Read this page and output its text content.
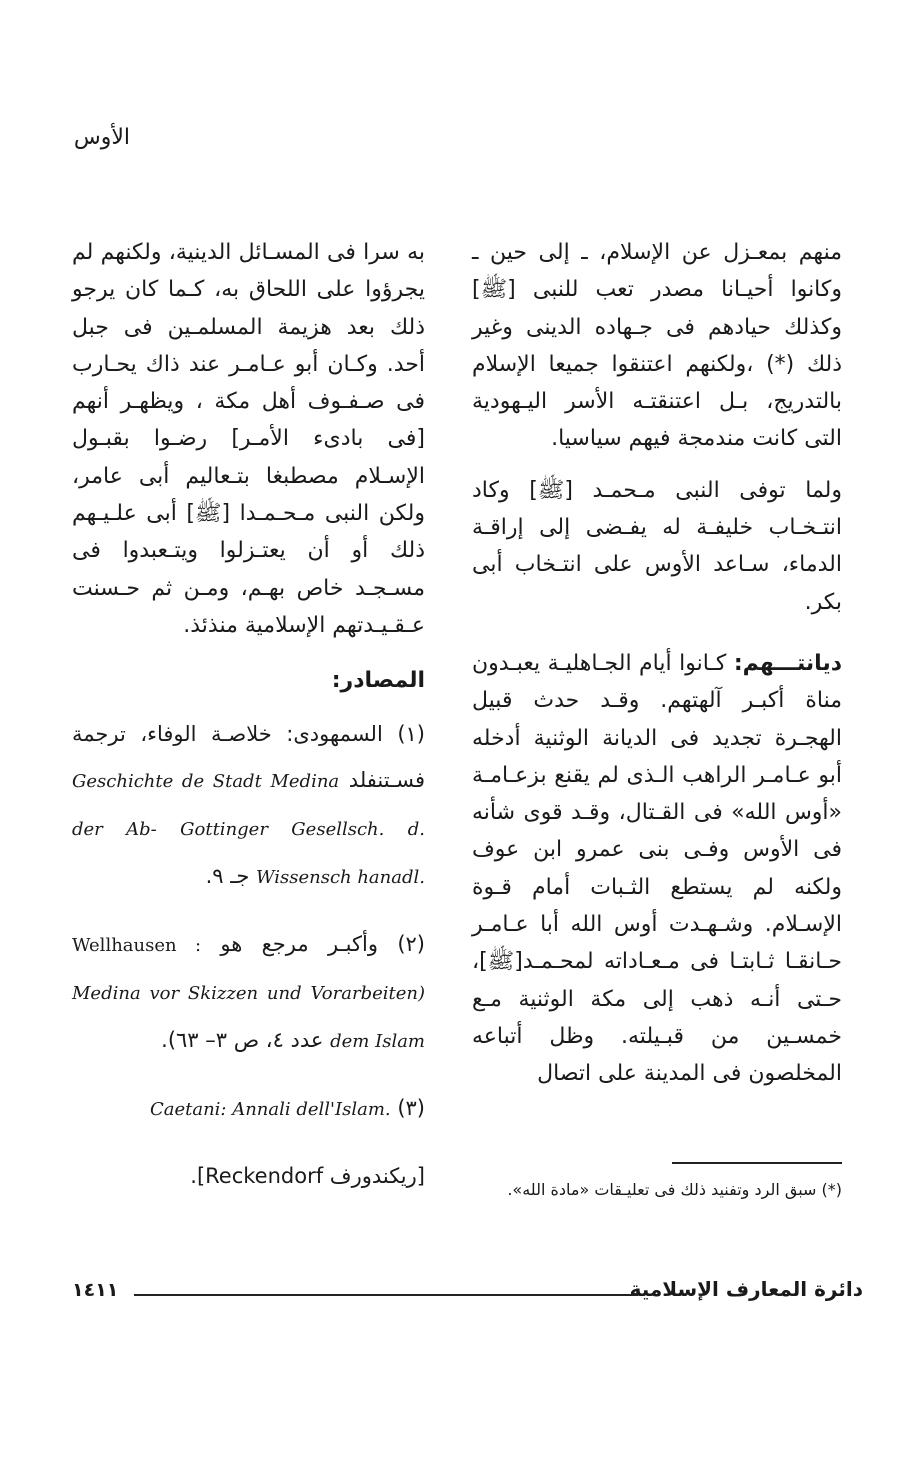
الأوس

منهم بمعـزل عن الإسلام، ـ إلى حين ـ وكانوا أحيـانا مصدر تعب للنبى [ﷺ] وكذلك حيادهم فى جـهاده الدينى وغير ذلك (*) ،ولكنهم اعتنقوا جميعا الإسلام بالتدريج، بـل اعتنقتـه الأسر اليـهودية التى كانت مندمجة فيهم سياسيا.

ولما توفى النبى مـحمـد [ﷺ] وكاد انتـخـاب خليفـة له يفـضى إلى إراقـة الدماء، سـاعد الأوس على انتـخاب أبى بكر.

ديانتـــهم: كـانوا أيام الجـاهليـة يعبـدون مناة أكبـر آلهتهم. وقـد حدث قبيل الهجـرة تجديد فى الديانة الوثنية أدخله أبو عـامـر الراهب الـذى لم يقنع بزعـامـة «أوس الله» فى القـتال، وقـد قوى شأنه فى الأوس وفـى بنى عمرو ابن عوف ولكنه لم يستطع الثـبات أمام قـوة الإسـلام. وشـهـدت أوس الله أبا عـامـر حـانقـا ثـابتـا فى مـعـاداته لمحـمـد[ﷺ]، حـتى أنـه ذهب إلى مكة الوثنية مـع خمسـين من قبـيلته. وظل أتباعه المخلصون فى المدينة على اتصال

به سرا فى المسـائل الدينية، ولكنهم لم يجرؤوا على اللحاق به، كـما كان يرجو ذلك بعد هزيمة المسلمـين فى جبل أحد. وكـان أبو عـامـر عند ذاك يحـارب فى صـفـوف أهل مكة ، ويظهـر أنهم [فى بادىء الأمـر] رضـوا بقبـول الإسـلام مصطبغا بتـعاليم أبى عامر، ولكن النبى مـحـمـدا [ﷺ] أبى علـيـهم ذلك أو أن يعتـزلوا ويتـعبدوا فى مسـجـد خاص بهـم، ومـن ثم حـسنت عـقـيـدتهم الإسلامية منذئذ.

المصادر:

(١) السمهودى: خلاصـة الوفاء، ترجمة فسـتنفلد Geschichte de Stadt Medina der Ab- Gottinger Gesellsch. d. Wissensch hanadl. جـ ٩.

(٢) وأكبـر مرجع هو Wellhausen : Medina vor Skizzen und Vorarbeiten) dem Islam عدد ٤، ص ٣– ٦٣).

(٣) Caetani: Annali dell'Islam.

[ريكندورف Reckendorf].

(*) سبق الرد وتفنيد ذلك فى تعليـقات «مادة الله».
دائرة المعارف الإسلامية
١٤١١
